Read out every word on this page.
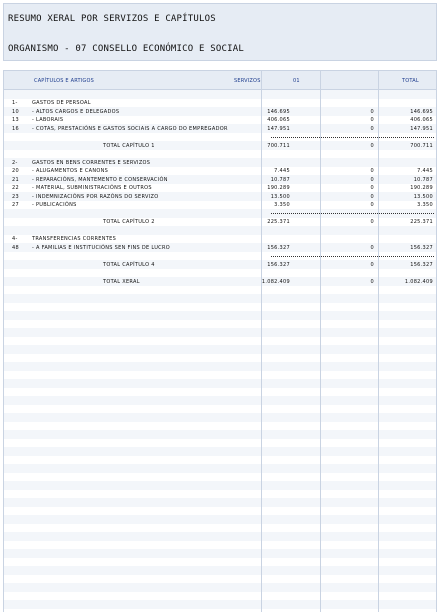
RESUMO XERAL POR SERVIZOS E CAPÍTULOS
ORGANISMO - 07 CONSELLO ECONÓMICO E SOCIAL
CAPÍTULOS E ARTIGOS	SERVIZOS	01	TOTAL
1-	GASTOS DE PERSOAL
10	- ALTOS CARGOS E DELEGADOS	146.695	0	146.695
13	- LABORAIS	406.065	0	406.065
16	- COTAS, PRESTACIÓNS E GASTOS SOCIAIS A CARGO DO EMPREGADOR	147.951	0	147.951
TOTAL CAPÍTULO 1	700.711	0	700.711
2-	GASTOS EN BENS CORRENTES E SERVIZOS
20	- ALUGAMENTOS E CANONS	7.445	0	7.445
21	- REPARACIÓNS, MANTEMENTO E CONSERVACIÓN	10.787	0	10.787
22	- MATERIAL, SUBMINISTRACIÓNS E OUTROS	190.289	0	190.289
23	- INDEMNIZACIÓNS POR RAZÓNS DO SERVIZO	13.500	0	13.500
27	- PUBLICACIÓNS	3.350	0	3.350
TOTAL CAPÍTULO 2	225.371	0	225.371
4-	TRANSFERENCIAS CORRENTES
48	- A FAMILIAS E INSTITUCIÓNS SEN FINS DE LUCRO	156.327	0	156.327
TOTAL CAPÍTULO 4	156.327	0	156.327
TOTAL XERAL	1.082.409	0	1.082.409
